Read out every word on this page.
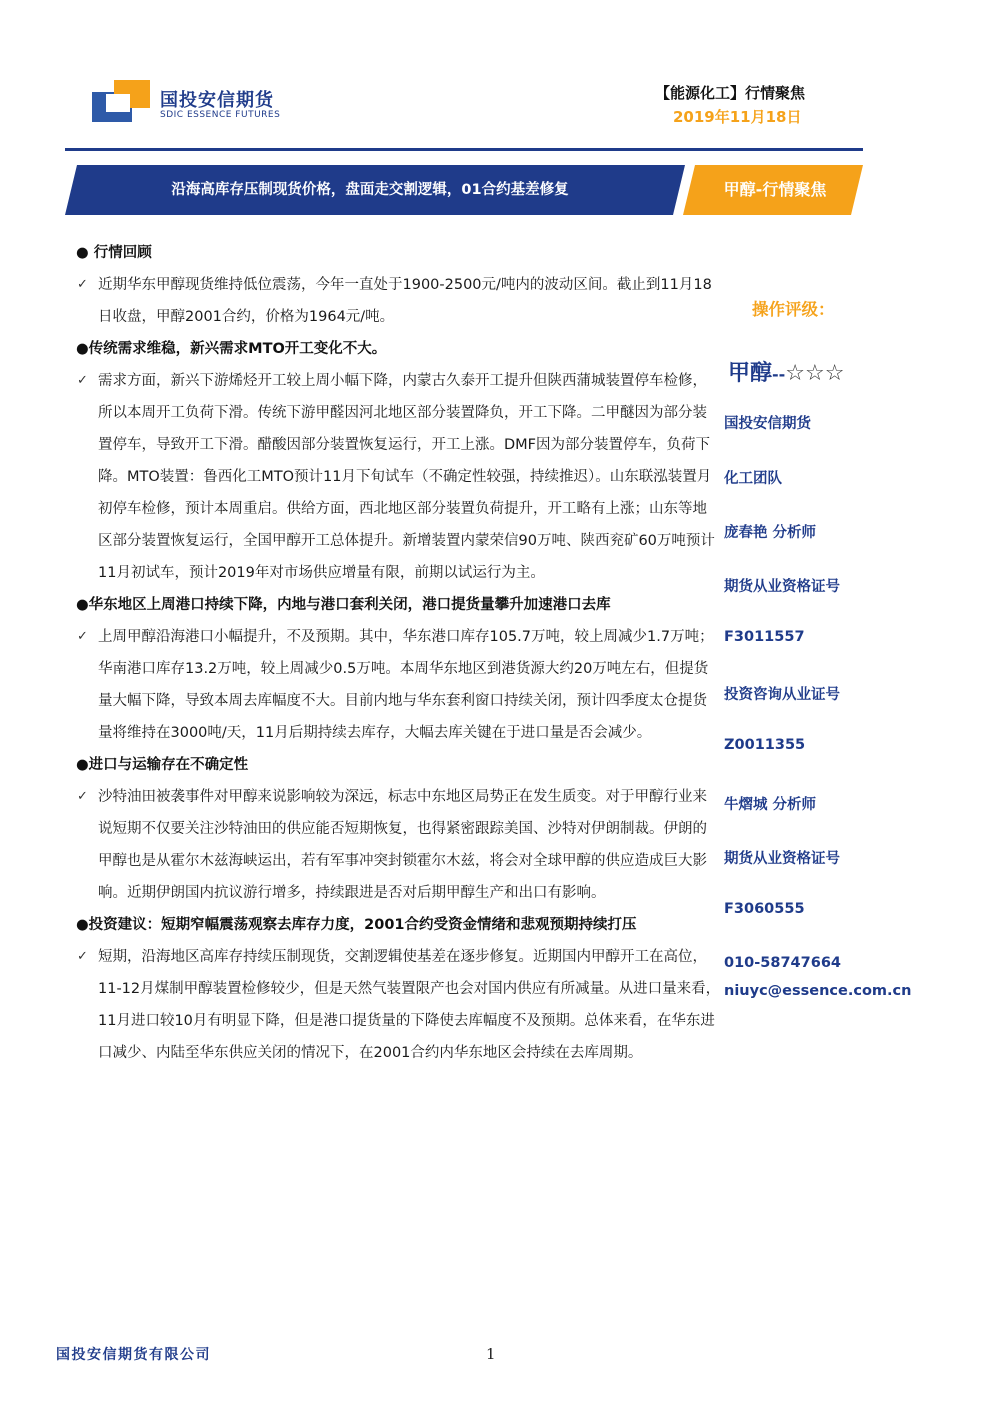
国投安信期货
SDIC ESSENCE FUTURES
【能源化工】行情聚焦
2019年11月18日
沿海高库存压制现货价格，盘面走交割逻辑，01合约基差修复	甲醇-行情聚焦
● 行情回顾
✓ 近期华东甲醇现货维持低位震荡，今年一直处于1900-2500元/吨内的波动区间。截止到11月18日收盘，甲醇2001合约，价格为1964元/吨。
●传统需求维稳，新兴需求MTO开工变化不大。
✓ 需求方面，新兴下游烯烃开工较上周小幅下降，内蒙古久泰开工提升但陕西蒲城装置停车检修，所以本周开工负荷下滑。传统下游甲醛因河北地区部分装置降负，开工下降。二甲醚因为部分装置停车，导致开工下滑。醋酸因部分装置恢复运行，开工上涨。DMF因为部分装置停车，负荷下降。MTO装置：鲁西化工MTO预计11月下旬试车（不确定性较强，持续推迟）。山东联泓装置月初停车检修，预计本周重启。供给方面，西北地区部分装置负荷提升，开工略有上涨；山东等地区部分装置恢复运行，全国甲醇开工总体提升。新增装置内蒙荣信90万吨、陕西兖矿60万吨预计11月初试车，预计2019年对市场供应增量有限，前期以试运行为主。
●华东地区上周港口持续下降，内地与港口套利关闭，港口提货量攀升加速港口去库
✓ 上周甲醇沿海港口小幅提升，不及预期。其中，华东港口库存105.7万吨，较上周减少1.7万吨；华南港口库存13.2万吨，较上周减少0.5万吨。本周华东地区到港货源大约20万吨左右，但提货量大幅下降，导致本周去库幅度不大。目前内地与华东套利窗口持续关闭，预计四季度太仓提货量将维持在3000吨/天，11月后期持续去库存，大幅去库关键在于进口量是否会减少。
●进口与运输存在不确定性
✓ 沙特油田被袭事件对甲醇来说影响较为深远，标志中东地区局势正在发生质变。对于甲醇行业来说短期不仅要关注沙特油田的供应能否短期恢复，也得紧密跟踪美国、沙特对伊朗制裁。伊朗的甲醇也是从霍尔木兹海峡运出，若有军事冲突封锁霍尔木兹，将会对全球甲醇的供应造成巨大影响。近期伊朗国内抗议游行增多，持续跟进是否对后期甲醇生产和出口有影响。
●投资建议：短期窄幅震荡观察去库存力度，2001合约受资金情绪和悲观预期持续打压
✓ 短期，沿海地区高库存持续压制现货，交割逻辑使基差在逐步修复。近期国内甲醇开工在高位，11-12月煤制甲醇装置检修较少，但是天然气装置限产也会对国内供应有所减量。从进口量来看，11月进口较10月有明显下降，但是港口提货量的下降使去库幅度不及预期。总体来看，在华东进口减少、内陆至华东供应关闭的情况下，在2001合约内华东地区会持续在去库周期。
操作评级：
甲醇--☆☆☆
国投安信期货
化工团队
庞春艳 分析师
期货从业资格证号
F3011557
投资咨询从业证号
Z0011355
牛熠城 分析师
期货从业资格证号
F3060555
010-58747664
niuyc@essence.com.cn
国投安信期货有限公司	1
